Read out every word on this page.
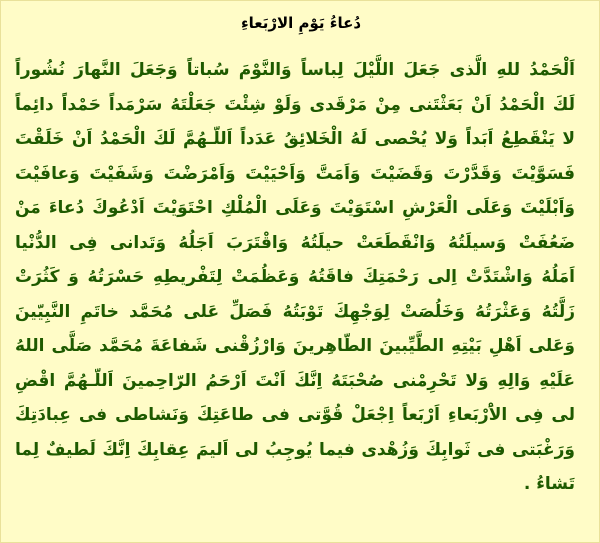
دُعاءُ يَوْمِ الارْبَعاءِ
اَلْحَمْدُ للهِ الَّذى جَعَلَ اللَّيْلَ لِباساً وَالنَّوْمَ سُباتاً وَجَعَلَ النَّهارَ نُشُوراً
لَكَ الْحَمْدُ اَنْ بَعَثْتَنى مِنْ مَرْقَدى وَلَوْ شِئْتَ جَعَلْتَهُ سَرْمَداً حَمْداً دائِماً
لا يَنْقَطِعُ اَبَداً وَلا يُحْصى لَهُ الْخَلائِقُ عَدَداً اَللّـهُمَّ لَكَ الْحَمْدُ اَنْ خَلَقْتَ
فَسَوَّيْتَ وَقَدَّرْتَ وَقَضَيْتَ وَاَمَتَّ وَاَحْيَيْتَ وَاَمْرَضْتَ وَشَفَيْتَ وَعافَيْتَ
وَاَبْلَيْتَ وَعَلَى الْعَرْشِ اسْتَوَيْتَ وَعَلَى الْمُلْكِ احْتَوَيْتَ اَدْعُوكَ دُعاءَ مَنْ
ضَعُفَتْ وَسيلَتُهُ وَانْقَطَعَتْ حيلَتُهُ وَاقْتَرَبَ اَجَلُهُ وَتَدانى فِى الدُّنْيا
اَمَلُهُ وَاشْتَدَّتْ اِلى رَحْمَتِكَ فاقَتُهُ وَعَظُمَتْ لِتَفْريطِهِ حَسْرَتُهُ وَ كَثُرَتْ
زَلَّتُهُ وَعَثْرَتُهُ وَخَلُصَتْ لِوَجْهِكَ تَوْبَتُهُ فَصَلِّ عَلى مُحَمَّد خاتَمِ النَّبِيّينَ
وَعَلى اَهْلِ بَيْتِهِ الطَّيِّبينَ الطّاهِرينَ وَارْزُقْنى شَفاعَةَ مُحَمَّد صَلَّى اللهُ
عَلَيْهِ وَالِهِ وَلا تَحْرِمْنى صُحْبَتَهُ اِنَّكَ اَنْتَ اَرْحَمُ الرّاحِمينَ اَللّـهُمَّ اقْضِ
لى فِى الاَْرْبَعاءِ اَرْبَعاً اِجْعَلْ قُوَّتى فى طاعَتِكَ وَنَشاطى فى عِبادَتِكَ
وَرَغْبَتى فى ثَوابِكَ وَزُهْدى فيما يُوجِبُ لى اَليمَ عِقابِكَ اِنَّكَ لَطيفٌ لِما
تَشاءُ .
